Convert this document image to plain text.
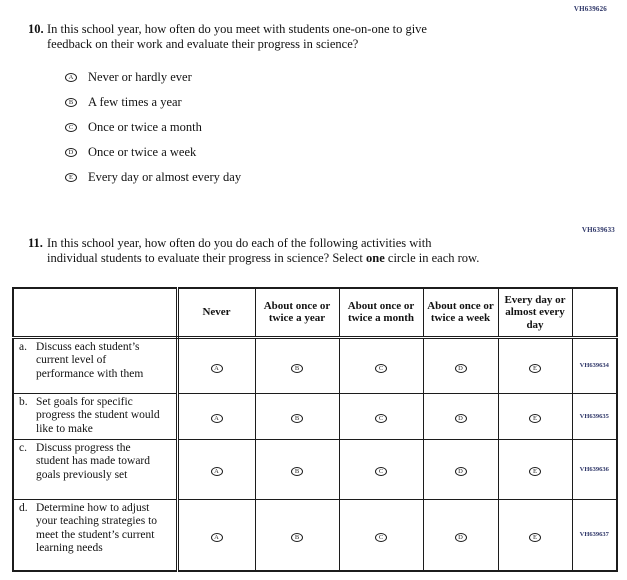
VH639626
10. In this school year, how often do you meet with students one-on-one to give
feedback on their work and evaluate their progress in science?
A Never or hardly ever
B A few times a year
C Once or twice a month
D Once or twice a week
E Every day or almost every day
VH639633
11. In this school year, how often do you do each of the following activities with
individual students to evaluate their progress in science? Select one circle in each row.
	Never	About once or twice a year	About once or twice a month	About once or twice a week	Every day or almost every day	

a. Discuss each student’s current level of performance with them	A	B	C	D	E	VH639634

b. Set goals for specific progress the student would like to make	A	B	C	D	E	VH639635

c. Discuss progress the student has made toward goals previously set	A	B	C	D	E	VH639636

d. Determine how to adjust your teaching strategies to meet the student’s current learning needs	A	B	C	D	E	VH639637
